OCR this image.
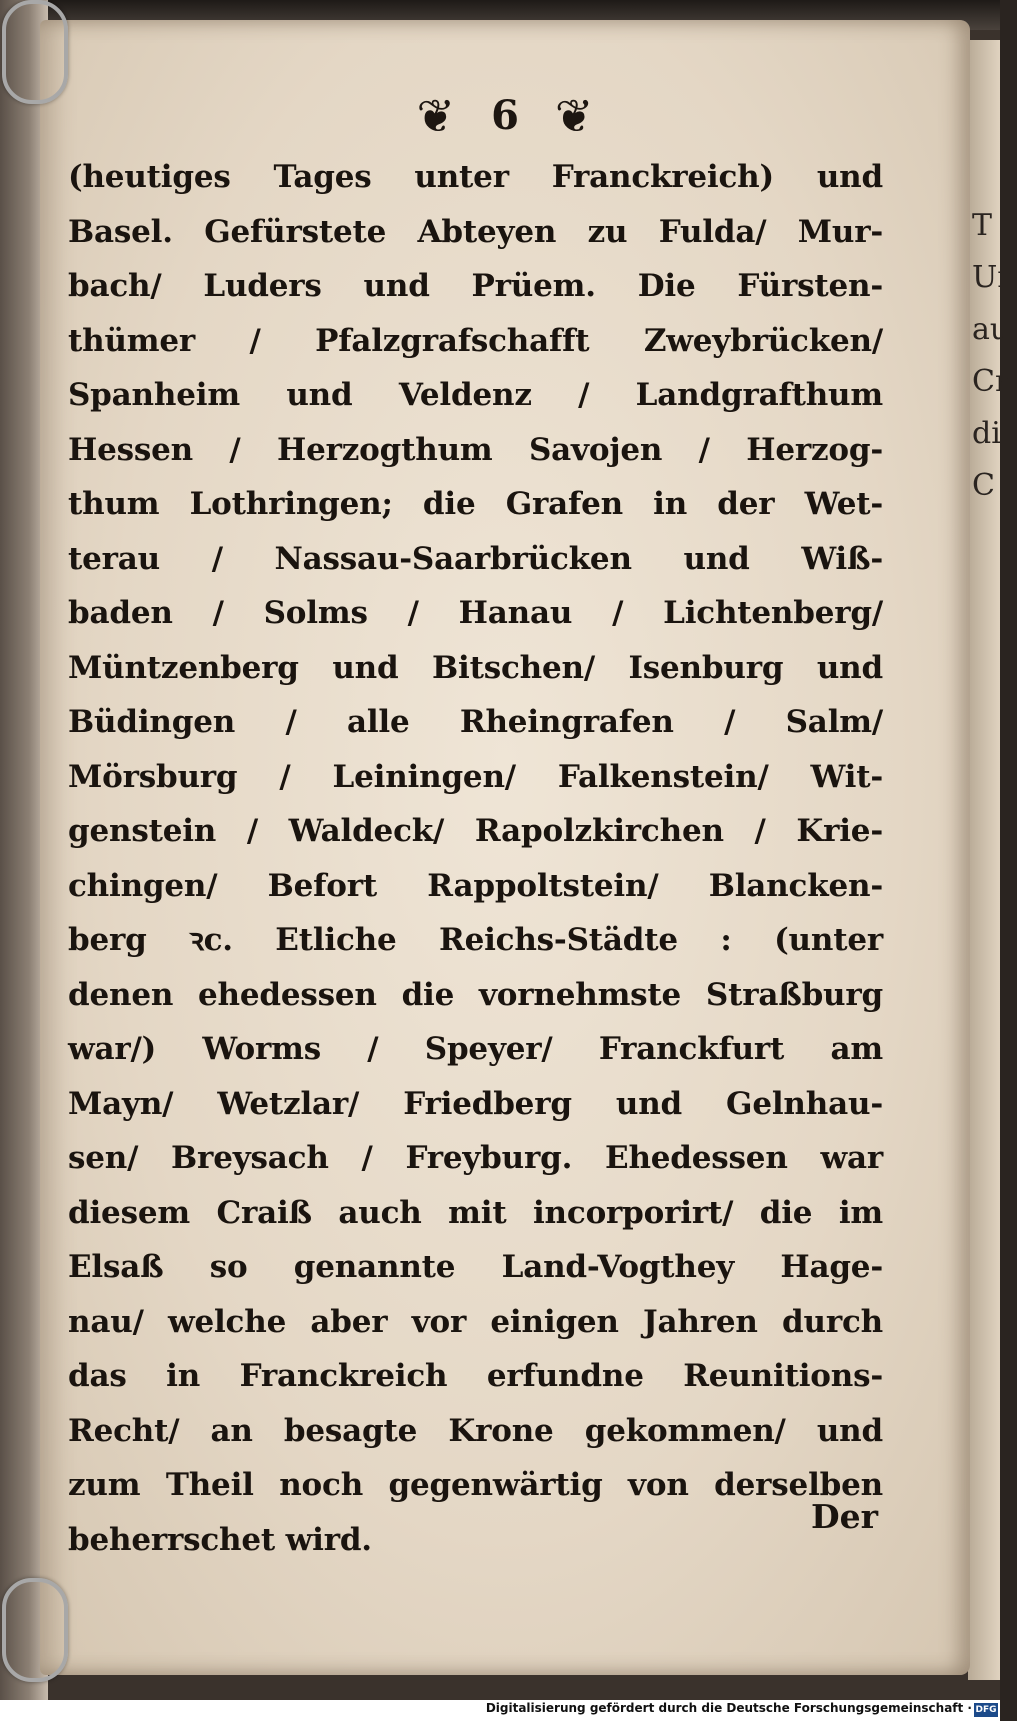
T
Un
au
Cr
di
C
❦ 6 ❦
(heutiges Tages unter Franckreich) und
Basel. Gefürstete Abteyen zu Fulda/ Mur-
bach/ Luders und Prüem. Die Fürsten-
thümer / Pfalzgrafschafft Zweybrücken/
Spanheim und Veldenz / Landgrafthum
Hessen / Herzogthum Savojen / Herzog-
thum Lothringen; die Grafen in der Wet-
terau / Nassau-Saarbrücken und Wiß-
baden / Solms / Hanau / Lichtenberg/
Müntzenberg und Bitschen/ Isenburg und
Büdingen / alle Rheingrafen / Salm/
Mörsburg / Leiningen/ Falkenstein/ Wit-
genstein / Waldeck/ Rapolzkirchen / Krie-
chingen/ Befort Rappoltstein/ Blancken-
berg ꝛc. Etliche Reichs-Städte : (unter
denen ehedessen die vornehmste Straßburg
war/) Worms / Speyer/ Franckfurt am
Mayn/ Wetzlar/ Friedberg und Gelnhau-
sen/ Breysach / Freyburg. Ehedessen war
diesem Craiß auch mit incorporirt/ die im
Elsaß so genannte Land-Vogthey Hage-
nau/ welche aber vor einigen Jahren durch
das in Franckreich erfundne Reunitions-
Recht/ an besagte Krone gekommen/ und
zum Theil noch gegenwärtig von derselben
beherrschet wird.
Der
Digitalisierung gefördert durch die Deutsche Forschungsgemeinschaft · DFG
